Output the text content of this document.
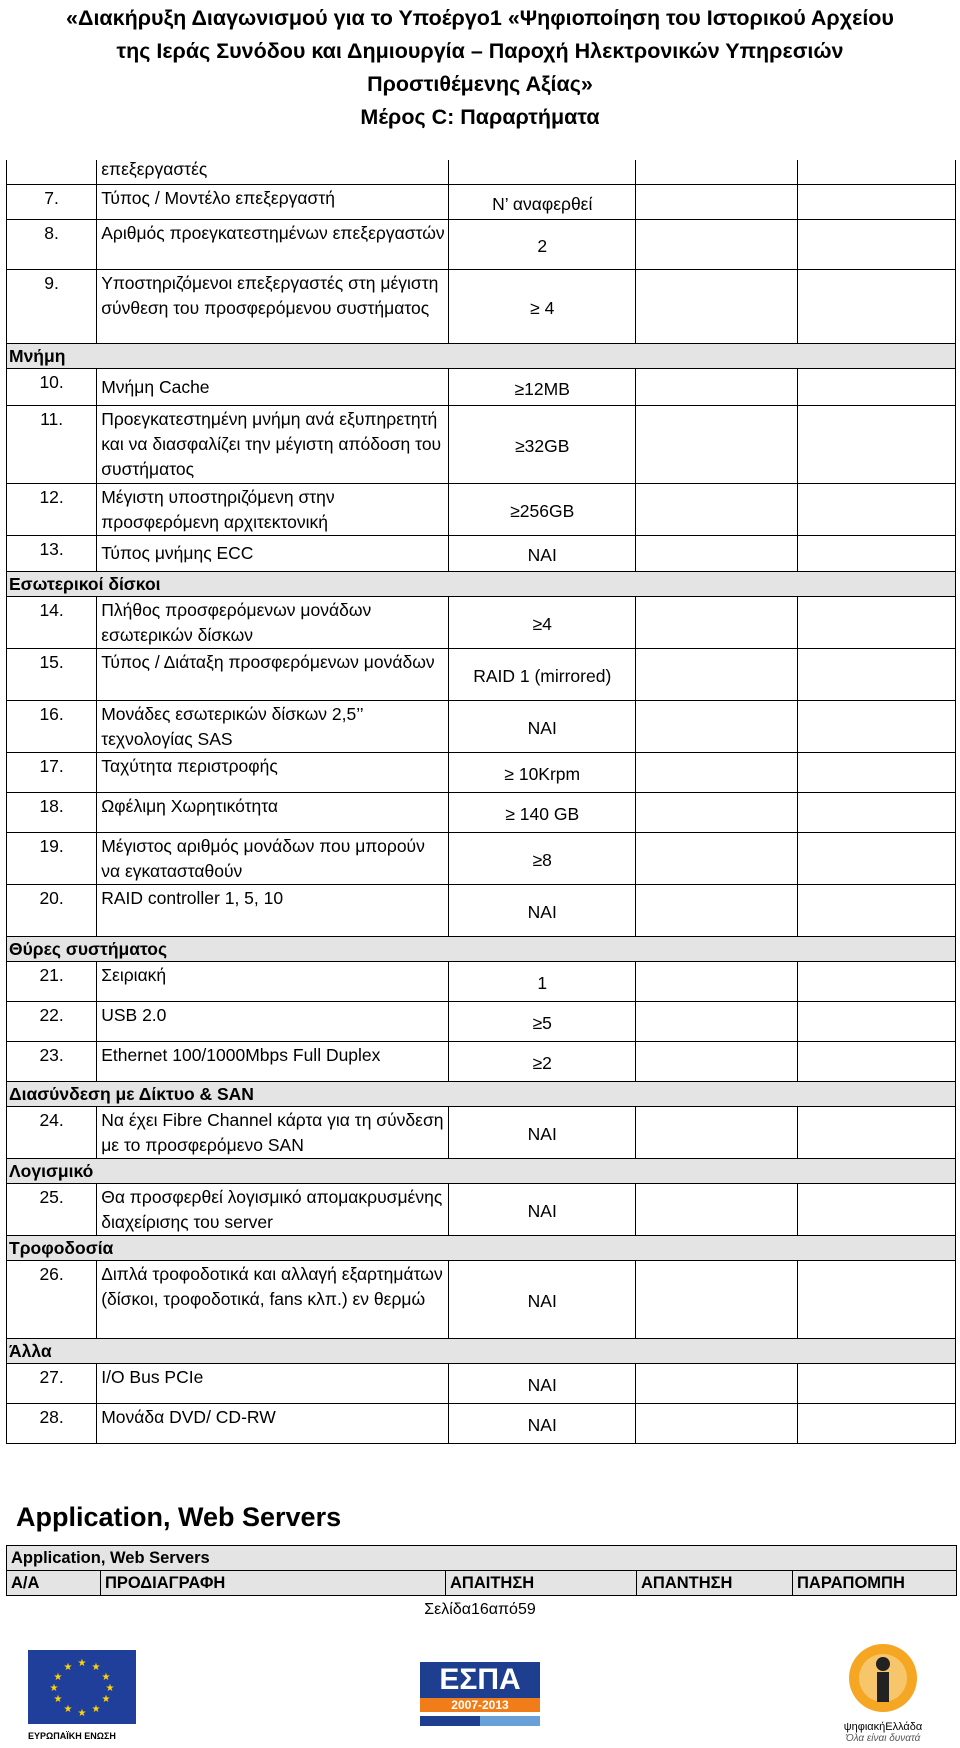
«Διακήρυξη Διαγωνισμού για το Υποέργο1 «Ψηφιοποίηση του Ιστορικού Αρχείου
της Ιεράς Συνόδου και Δημιουργία – Παροχή Ηλεκτρονικών Υπηρεσιών
Προστιθέμενης Αξίας»
Μέρος C: Παραρτήματα
	επεξεργαστές			
7.	Τύπος / Μοντέλο επεξεργαστή	Ν’ αναφερθεί		
8.	Αριθμός προεγκατεστημένων επεξεργαστών	2		
9.	Υποστηριζόμενοι επεξεργαστές στη μέγιστη σύνθεση του προσφερόμενου συστήματος	≥ 4		
Μνήμη				
10.	Μνήμη Cache	≥12MB		
11.	Προεγκατεστημένη μνήμη ανά εξυπηρετητή και να διασφαλίζει την μέγιστη απόδοση του συστήματος	≥32GB		
12.	Μέγιστη υποστηριζόμενη στην προσφερόμενη αρχιτεκτονική	≥256GB		
13.	Τύπος μνήμης ECC	ΝΑΙ		
Εσωτερικοί δίσκοι				
14.	Πλήθος προσφερόμενων μονάδων εσωτερικών δίσκων	≥4		
15.	Τύπος / Διάταξη προσφερόμενων μονάδων	RAID 1 (mirrored)		
16.	Μονάδες εσωτερικών δίσκων 2,5’’ τεχνολογίας SAS	ΝΑΙ		
17.	Ταχύτητα περιστροφής	≥ 10Krpm		
18.	Ωφέλιμη Χωρητικότητα	≥ 140 GB		
19.	Μέγιστος αριθμός μονάδων που μπορούν να εγκατασταθούν	≥8		
20.	RAID controller 1, 5, 10	ΝΑΙ		
Θύρες συστήματος				
21.	Σειριακή	1		
22.	USB 2.0	≥5		
23.	Ethernet 100/1000Mbps Full Duplex	≥2		
Διασύνδεση με Δίκτυο & SAN				
24.	Να έχει Fibre Channel κάρτα για τη σύνδεση με το προσφερόμενο SAN	ΝΑΙ		
Λογισμικό				
25.	Θα προσφερθεί λογισμικό απομακρυσμένης διαχείρισης του server	ΝΑΙ		
Τροφοδοσία				
26.	Διπλά τροφοδοτικά και αλλαγή εξαρτημάτων (δίσκοι, τροφοδοτικά, fans κλπ.) εν θερμώ	ΝΑΙ		
Άλλα				
27.	I/O Bus PCIe	ΝΑΙ		
28.	Μονάδα DVD/ CD-RW	ΝΑΙ		
Application, Web Servers
Application, Web Servers
Α/Α	ΠΡΟΔΙΑΓΡΑΦΗ	ΑΠΑΙΤΗΣΗ	ΑΠΑΝΤΗΣΗ	ΠΑΡΑΠΟΜΠΗ
Σελίδα16από59
★ ★
★
★
★
★
★
★
★
★
★
★
ΕΥΡΩΠΑΪΚΗ ΕΝΩΣΗ
ΕΣΠΑ
2007-2013
ψηφιακήΕλλάδα
Όλα είναι δυνατά
